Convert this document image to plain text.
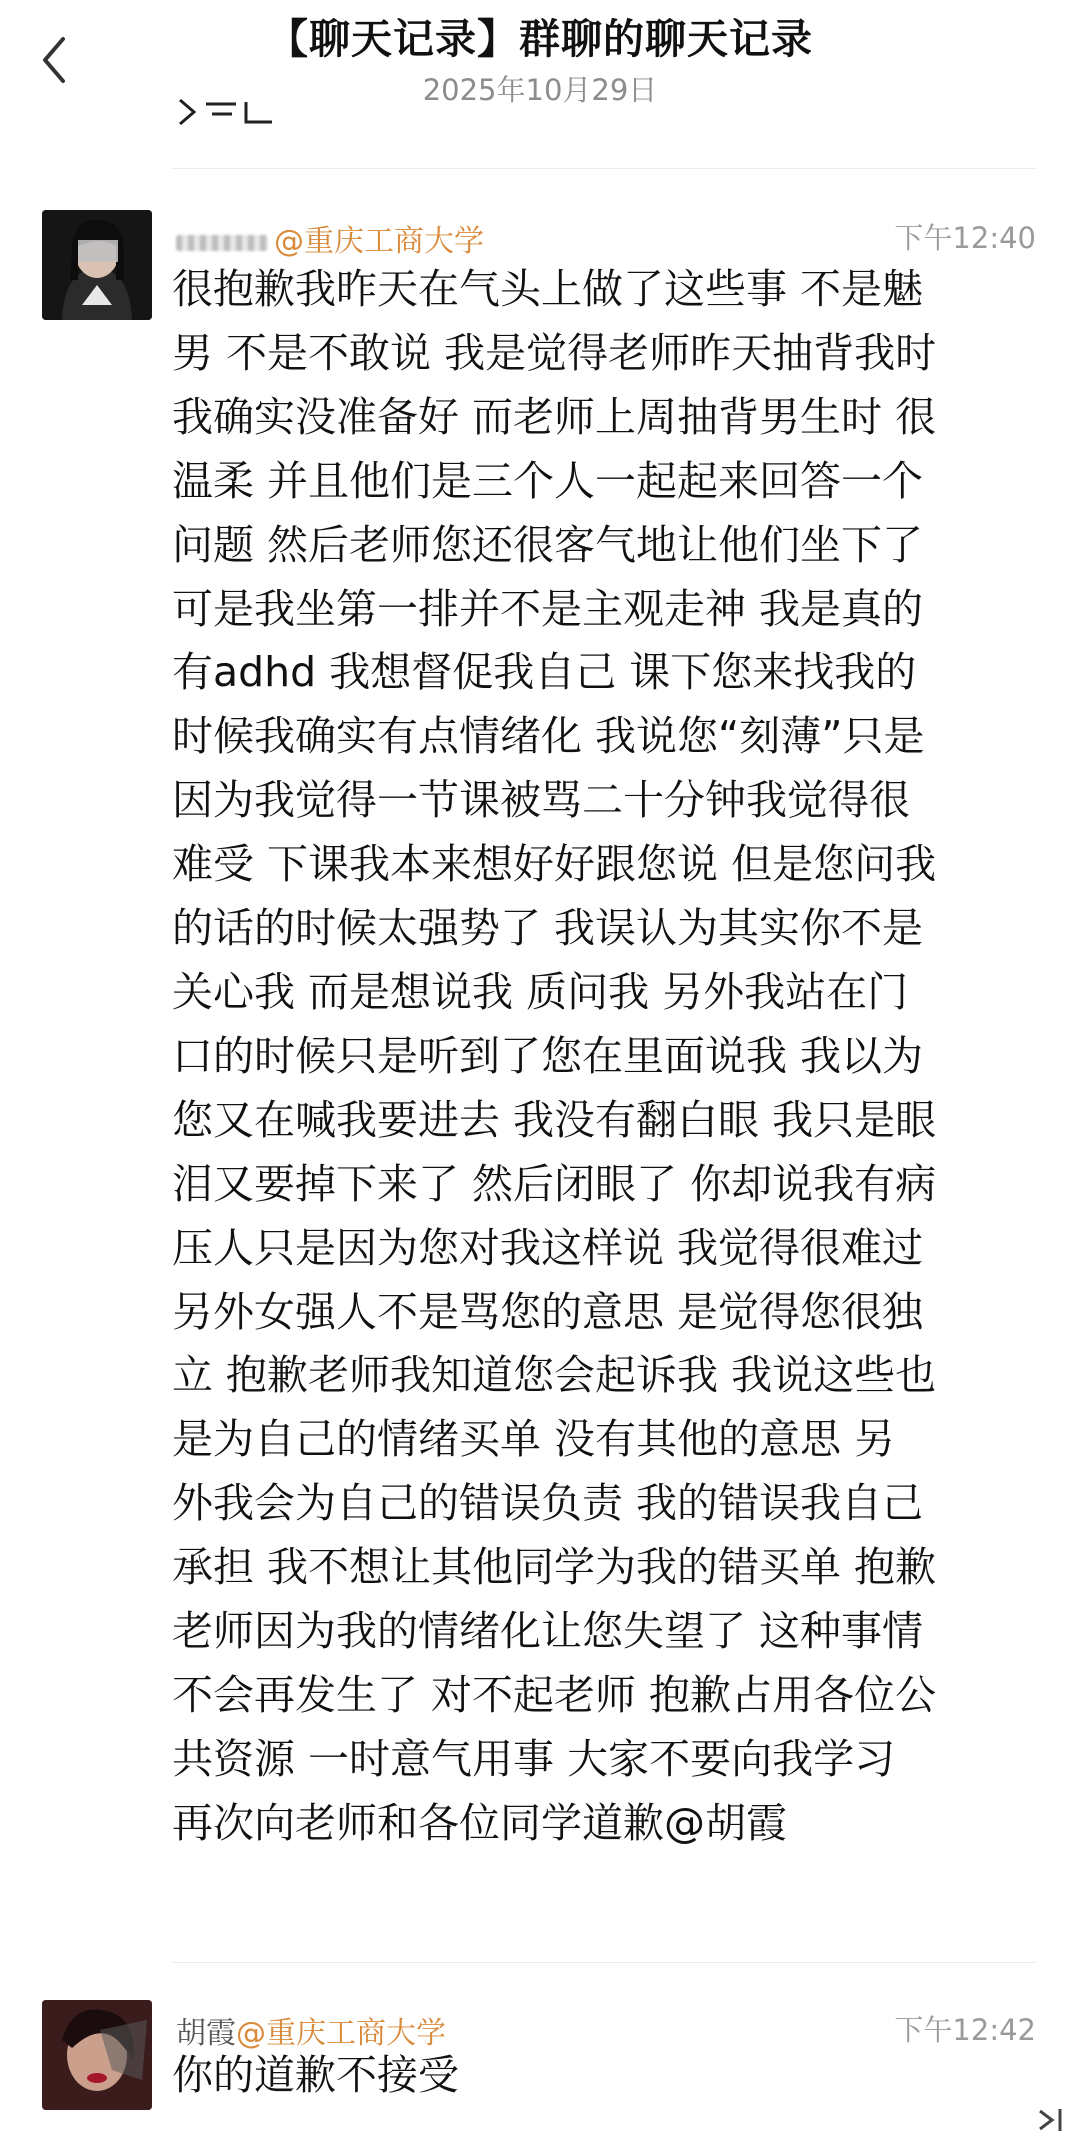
【聊天记录】群聊的聊天记录
2025年10月29日
@重庆工商大学	下午12:40
很抱歉我昨天在气头上做了这些事 不是魅
男 不是不敢说 我是觉得老师昨天抽背我时
我确实没准备好 而老师上周抽背男生时 很
温柔 并且他们是三个人一起起来回答一个
问题 然后老师您还很客气地让他们坐下了
可是我坐第一排并不是主观走神 我是真的
有adhd 我想督促我自己 课下您来找我的
时候我确实有点情绪化 我说您“刻薄”只是
因为我觉得一节课被骂二十分钟我觉得很
难受 下课我本来想好好跟您说 但是您问我
的话的时候太强势了 我误认为其实你不是
关心我 而是想说我 质问我 另外我站在门
口的时候只是听到了您在里面说我 我以为
您又在喊我要进去 我没有翻白眼 我只是眼
泪又要掉下来了 然后闭眼了 你却说我有病
压人只是因为您对我这样说 我觉得很难过
另外女强人不是骂您的意思 是觉得您很独
立 抱歉老师我知道您会起诉我 我说这些也
是为自己的情绪买单 没有其他的意思 另
外我会为自己的错误负责 我的错误我自己
承担 我不想让其他同学为我的错买单 抱歉
老师因为我的情绪化让您失望了 这种事情
不会再发生了 对不起老师 抱歉占用各位公
共资源 一时意气用事 大家不要向我学习
再次向老师和各位同学道歉@胡霞
胡霞@重庆工商大学	下午12:42
你的道歉不接受
